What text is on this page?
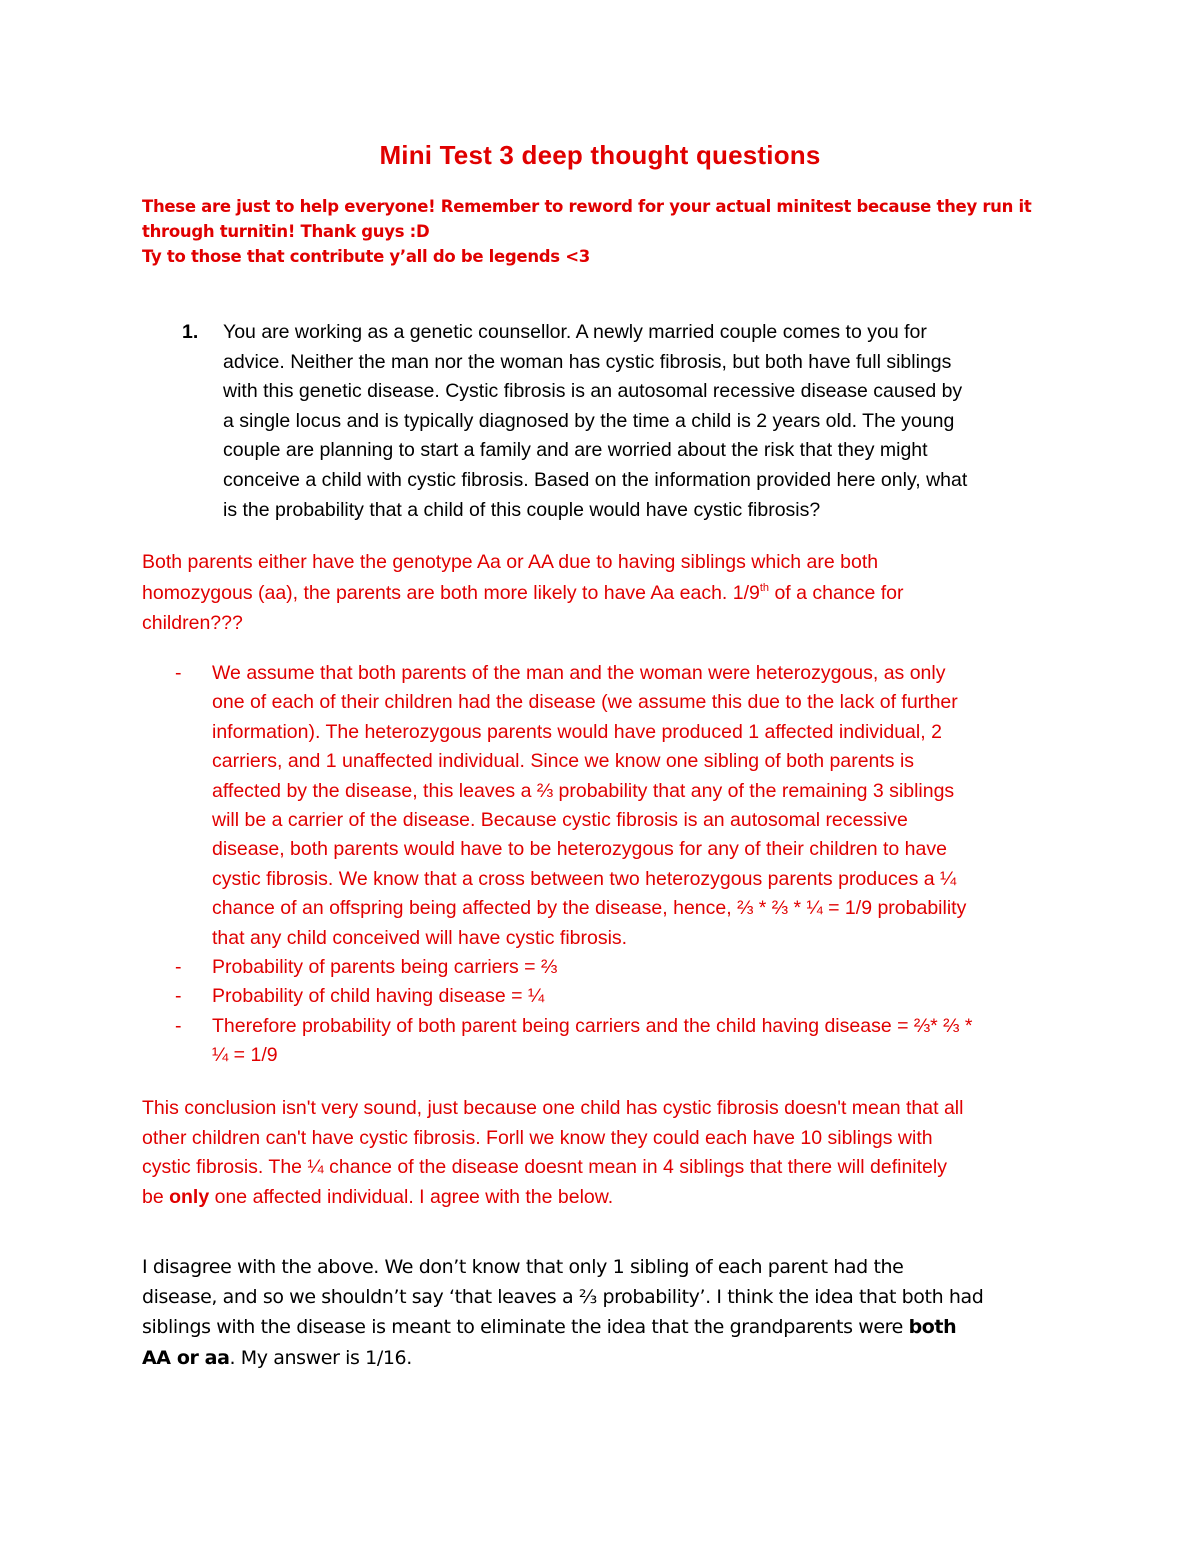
Mini Test 3 deep thought questions
These are just to help everyone! Remember to reword for your actual minitest because they run it
through turnitin! Thank guys :D
Ty to those that contribute y’all do be legends <3
1. You are working as a genetic counsellor. A newly married couple comes to you for
advice. Neither the man nor the woman has cystic fibrosis, but both have full siblings
with this genetic disease. Cystic fibrosis is an autosomal recessive disease caused by
a single locus and is typically diagnosed by the time a child is 2 years old. The young
couple are planning to start a family and are worried about the risk that they might
conceive a child with cystic fibrosis. Based on the information provided here only, what
is the probability that a child of this couple would have cystic fibrosis?
Both parents either have the genotype Aa or AA due to having siblings which are both
homozygous (aa), the parents are both more likely to have Aa each. 1/9th of a chance for
children???
- We assume that both parents of the man and the woman were heterozygous, as only
one of each of their children had the disease (we assume this due to the lack of further
information). The heterozygous parents would have produced 1 affected individual, 2
carriers, and 1 unaffected individual. Since we know one sibling of both parents is
affected by the disease, this leaves a ⅔ probability that any of the remaining 3 siblings
will be a carrier of the disease. Because cystic fibrosis is an autosomal recessive
disease, both parents would have to be heterozygous for any of their children to have
cystic fibrosis. We know that a cross between two heterozygous parents produces a ¼
chance of an offspring being affected by the disease, hence, ⅔ * ⅔ * ¼ = 1/9 probability
that any child conceived will have cystic fibrosis.
- Probability of parents being carriers = ⅔
- Probability of child having disease = ¼
- Therefore probability of both parent being carriers and the child having disease = ⅔* ⅔ *
¼ = 1/9
This conclusion isn't very sound, just because one child has cystic fibrosis doesn't mean that all
other children can't have cystic fibrosis. Forll we know they could each have 10 siblings with
cystic fibrosis. The ¼ chance of the disease doesnt mean in 4 siblings that there will definitely
be only one affected individual. I agree with the below.
I disagree with the above. We don’t know that only 1 sibling of each parent had the
disease, and so we shouldn’t say ‘that leaves a ⅔ probability’. I think the idea that both had
siblings with the disease is meant to eliminate the idea that the grandparents were both
AA or aa. My answer is 1/16.
